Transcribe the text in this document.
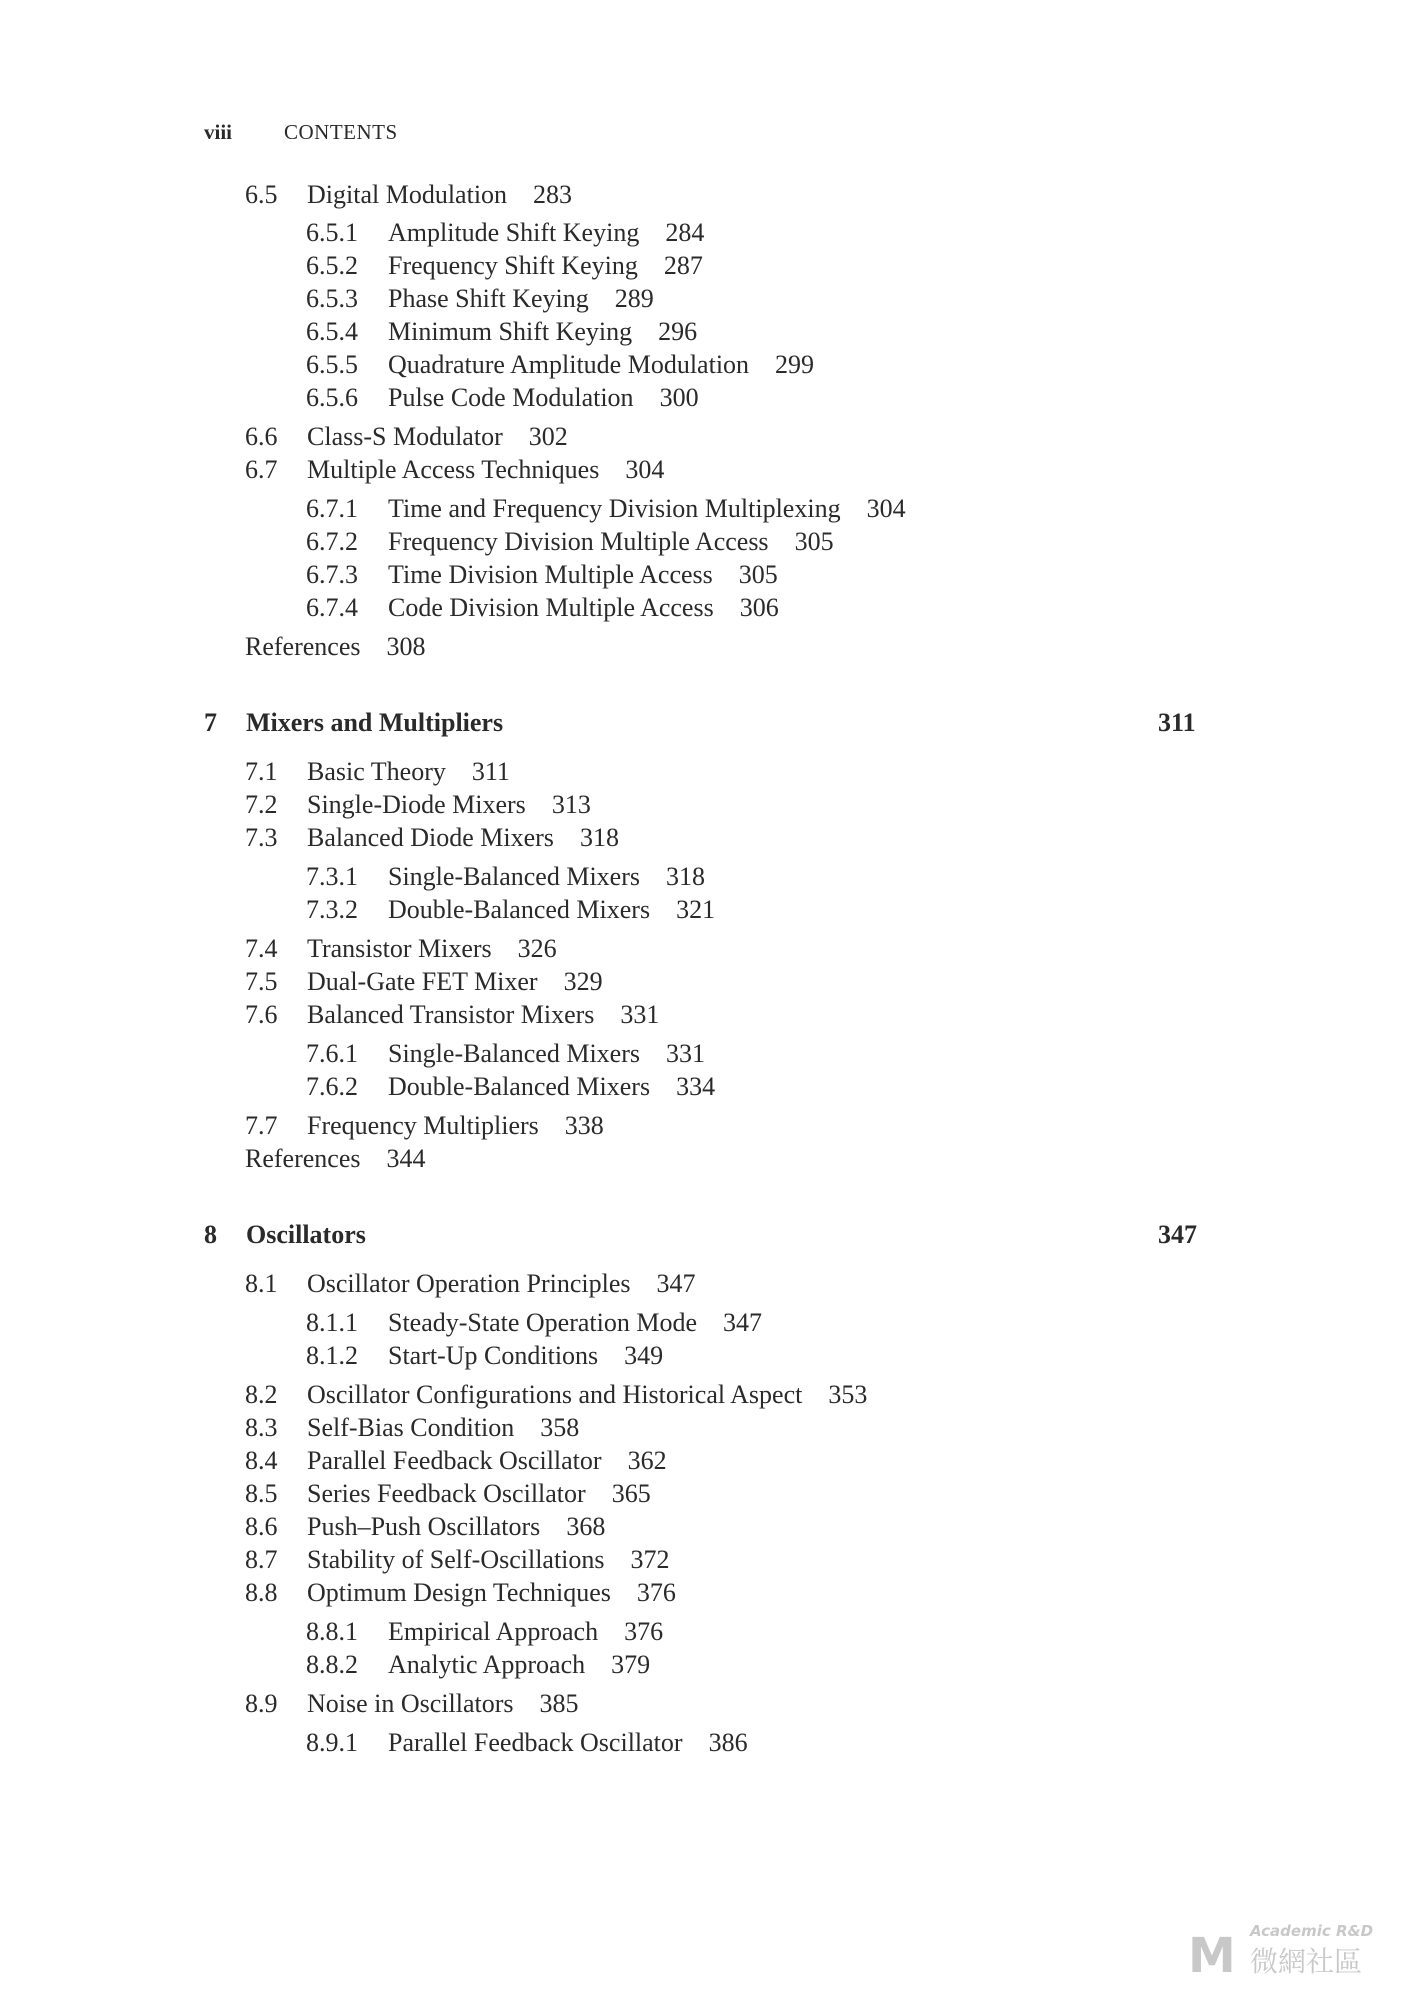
viii CONTENTS
6.5 Digital Modulation 283
6.5.1 Amplitude Shift Keying 284
6.5.2 Frequency Shift Keying 287
6.5.3 Phase Shift Keying 289
6.5.4 Minimum Shift Keying 296
6.5.5 Quadrature Amplitude Modulation 299
6.5.6 Pulse Code Modulation 300
6.6 Class-S Modulator 302
6.7 Multiple Access Techniques 304
6.7.1 Time and Frequency Division Multiplexing 304
6.7.2 Frequency Division Multiple Access 305
6.7.3 Time Division Multiple Access 305
6.7.4 Code Division Multiple Access 306
References 308
7 Mixers and Multipliers	311
7.1 Basic Theory 311
7.2 Single-Diode Mixers 313
7.3 Balanced Diode Mixers 318
7.3.1 Single-Balanced Mixers 318
7.3.2 Double-Balanced Mixers 321
7.4 Transistor Mixers 326
7.5 Dual-Gate FET Mixer 329
7.6 Balanced Transistor Mixers 331
7.6.1 Single-Balanced Mixers 331
7.6.2 Double-Balanced Mixers 334
7.7 Frequency Multipliers 338
References 344
8 Oscillators	347
8.1 Oscillator Operation Principles 347
8.1.1 Steady-State Operation Mode 347
8.1.2 Start-Up Conditions 349
8.2 Oscillator Configurations and Historical Aspect 353
8.3 Self-Bias Condition 358
8.4 Parallel Feedback Oscillator 362
8.5 Series Feedback Oscillator 365
8.6 Push–Push Oscillators 368
8.7 Stability of Self-Oscillations 372
8.8 Optimum Design Techniques 376
8.8.1 Empirical Approach 376
8.8.2 Analytic Approach 379
8.9 Noise in Oscillators 385
8.9.1 Parallel Feedback Oscillator 386
M Academic R&D
微網社區
